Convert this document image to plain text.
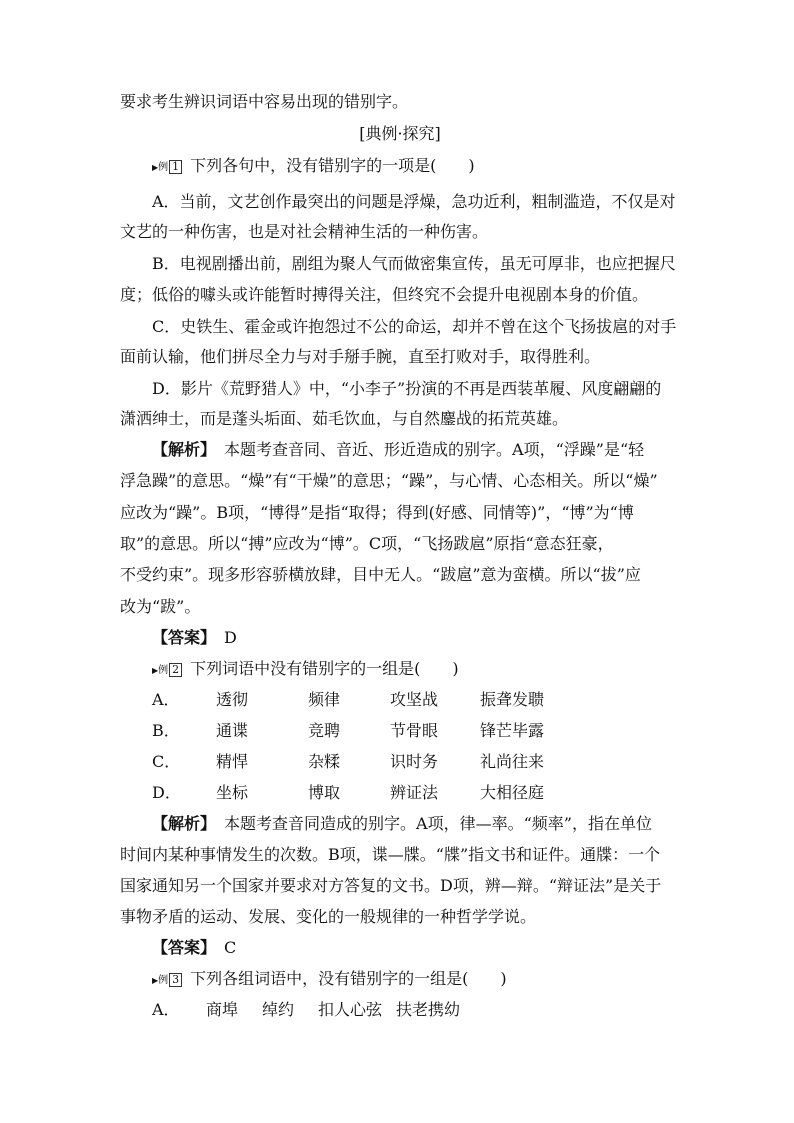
要求考生辨识词语中容易出现的错别字。
[典例·探究]
▶例 1 下列各句中，没有错别字的一项是(　　)
A．当前，文艺创作最突出的问题是浮燥，急功近利，粗制滥造，不仅是对
文艺的一种伤害，也是对社会精神生活的一种伤害。
B．电视剧播出前，剧组为聚人气而做密集宣传，虽无可厚非，也应把握尺
度；低俗的噱头或许能暂时搏得关注，但终究不会提升电视剧本身的价值。
C．史铁生、霍金或许抱怨过不公的命运，却并不曾在这个飞扬拔扈的对手
面前认输，他们拼尽全力与对手掰手腕，直至打败对手，取得胜利。
D．影片《荒野猎人》中，“小李子”扮演的不再是西装革履、风度翩翩的
潇洒绅士，而是蓬头垢面、茹毛饮血，与自然鏖战的拓荒英雄。
【解析】　 本题考查音同、音近、形近造成的别字。A项，“浮躁”是“轻
浮急躁”的意思。“燥”有“干燥”的意思；“躁”，与心情、心态相关。所以“燥”
应改为“躁”。B项，“博得”是指“取得；得到(好感、同情等)”，“博”为“博
取”的意思。所以“搏”应改为“博”。C项，“飞扬跋扈”原指“意态狂豪，
不受约束”。现多形容骄横放肆，目中无人。“跋扈”意为蛮横。所以“拔”应
改为“跋”。
【答案】　 D
▶例 2 下列词语中没有错别字的一组是(　　)
A． 透彻	频律	攻坚战	振聋发聩
B． 通谍	竞聘	节骨眼	锋芒毕露
C． 精悍	杂糅	识时务	礼尚往来
D． 坐标	博取	辨证法	大相径庭
【解析】　 本题考查音同造成的别字。A项，律—率。“频率”，指在单位
时间内某种事情发生的次数。B项，谍—牒。“牒”指文书和证件。通牒：一个
国家通知另一个国家并要求对方答复的文书。D项，辨—辩。“辩证法”是关于
事物矛盾的运动、发展、变化的一般规律的一种哲学学说。
【答案】　 C
▶例 3 下列各组词语中，没有错别字的一组是(　　)
A． 商埠 绰约 扣人心弦 扶老携幼
